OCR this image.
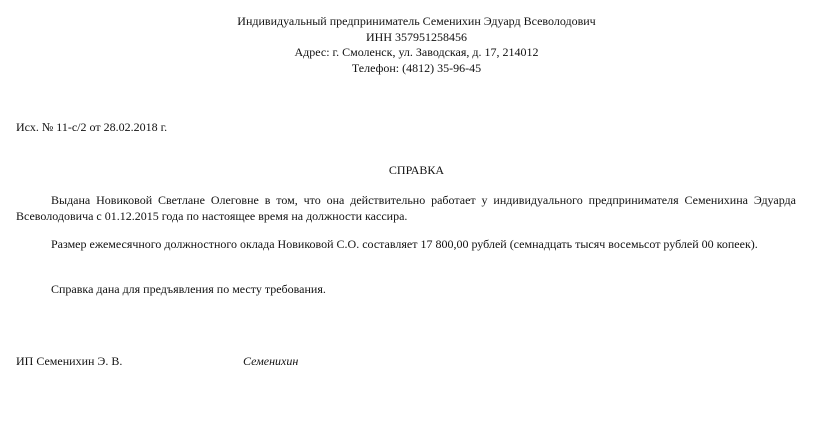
Индивидуальный предприниматель Семенихин Эдуард Всеволодович
ИНН 357951258456
Адрес: г. Смоленск, ул. Заводская, д. 17, 214012
Телефон: (4812) 35-96-45
Исх. № 11-с/2 от 28.02.2018 г.
СПРАВКА

Выдана Новиковой Светлане Олеговне в том, что она действительно работает у индивидуального предпринимателя Семенихина Эдуарда Всеволодовича с 01.12.2015 года по настоящее время на должности кассира.

Размер ежемесячного должностного оклада Новиковой С.О. составляет 17 800,00 рублей (семнадцать тысяч восемьсот рублей 00 копеек).

Справка дана для предъявления по месту требования.

ИП Семенихин Э. В.	Семенихин
